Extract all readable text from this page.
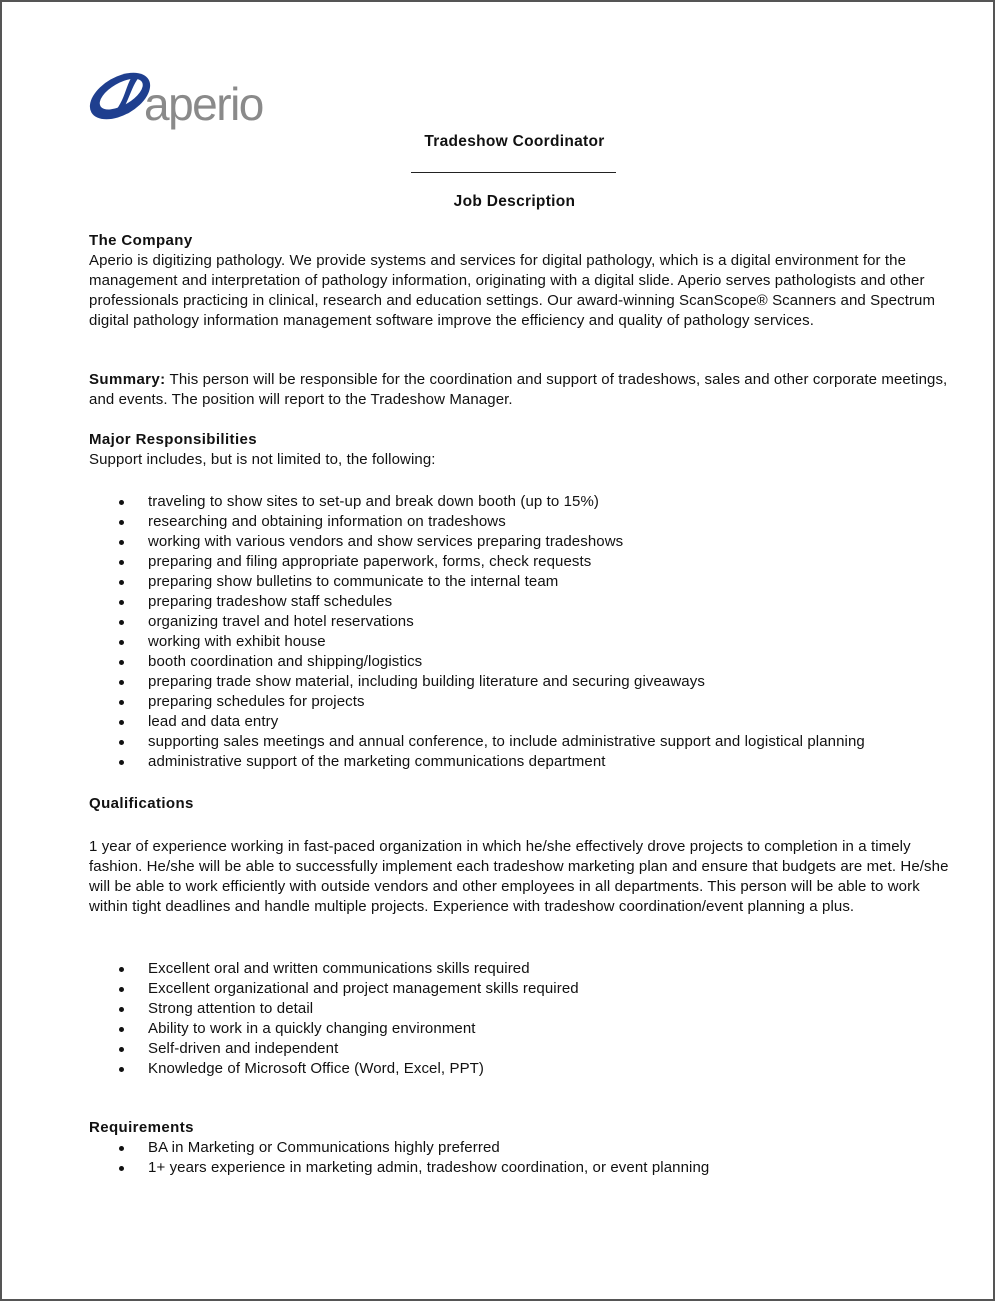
aperio
Tradeshow Coordinator
Job Description

The Company

Aperio is digitizing pathology. We provide systems and services for digital pathology, which is a digital environment for the management and interpretation of pathology information, originating with a digital slide. Aperio serves pathologists and other professionals practicing in clinical, research and education settings. Our award-winning ScanScope® Scanners and Spectrum digital pathology information management software improve the efficiency and quality of pathology services.

Summary: This person will be responsible for the coordination and support of tradeshows, sales and other corporate meetings, and events. The position will report to the Tradeshow Manager.

Major Responsibilities

Support includes, but is not limited to, the following:

traveling to show sites to set-up and break down booth (up to 15%)
researching and obtaining information on tradeshows
working with various vendors and show services preparing tradeshows
preparing and filing appropriate paperwork, forms, check requests
preparing show bulletins to communicate to the internal team
preparing tradeshow staff schedules
organizing travel and hotel reservations
working with exhibit house
booth coordination and shipping/logistics
preparing trade show material, including building literature and securing giveaways
preparing schedules for projects
lead and data entry
supporting sales meetings and annual conference, to include administrative support and logistical planning
administrative support of the marketing communications department

Qualifications

1 year of experience working in fast-paced organization in which he/she effectively drove projects to completion in a timely fashion. He/she will be able to successfully implement each tradeshow marketing plan and ensure that budgets are met. He/she will be able to work efficiently with outside vendors and other employees in all departments. This person will be able to work within tight deadlines and handle multiple projects. Experience with tradeshow coordination/event planning a plus.

Excellent oral and written communications skills required
Excellent organizational and project management skills required
Strong attention to detail
Ability to work in a quickly changing environment
Self-driven and independent
Knowledge of Microsoft Office (Word, Excel, PPT)

Requirements

BA in Marketing or Communications highly preferred
1+ years experience in marketing admin, tradeshow coordination, or event planning
